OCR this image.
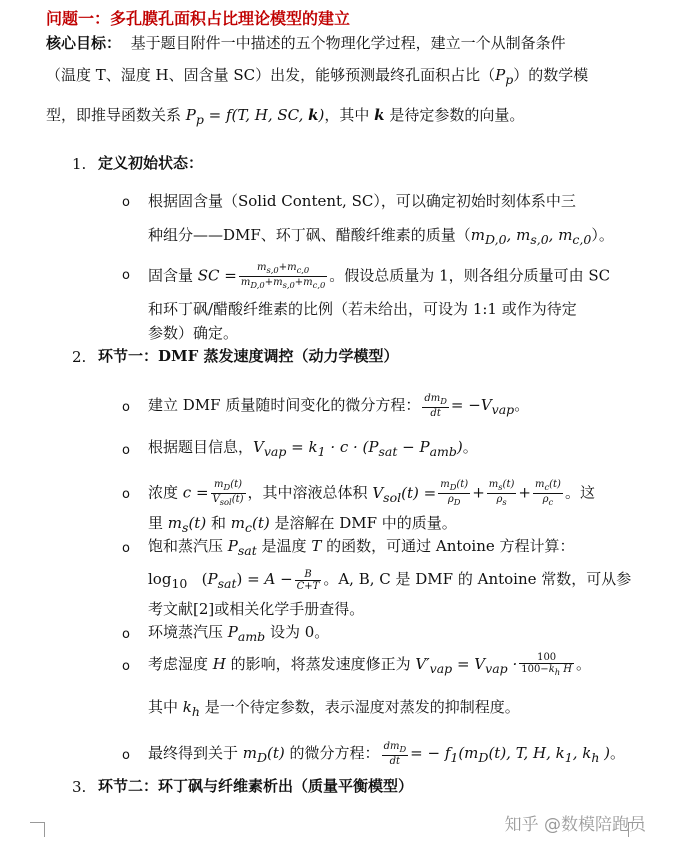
问题一：多孔膜孔面积占比理论模型的建立
核心目标： 基于题目附件一中描述的五个物理化学过程，建立一个从制备条件
（温度 T、湿度 H、固含量 SC）出发，能够预测最终孔面积占比$(P_p)$的数学模
型，即推导函数关系 $P_p = f(T$, H, SC, k)，其中 k 是待定参数的向量。
1. 定义初始状态：
o 根据固含量（Solid Content, SC），可以确定初始时刻体系中三
种组分——DMF、环丁砜、醋酸纤维素的质量（$m_{D,0}$, $m_{s,0}$, $m_{c,0}$）。
o 固含量 SC = $\frac{m_{s,0}+m_{c,0}}{m_{D,0}+m_{s,0}+m_{c,0}}$ 。假设总质量为 1，则各组分质量可由 SC
和环丁砜/醋酸纤维素的比例（若未给出，可设为 1:1 或作为待定
参数）确定。
2. 环节一：DMF 蒸发速度调控（动力学模型）
o 建立 DMF 质量随时间变化的微分方程： $\frac{dm_D}{dt} = -V_{vap}$。
o 根据题目信息，$V_{vap} = k_1 \cdot c \cdot (P_{sat} - P_{amb})$。
o 浓度 $c = \frac{m_D(t)}{V_{sol}(t)}$ ，其中溶液总体积 $V_{sol}(t) = \frac{m_D(t)}{\rho_D} + \frac{m_s(t)}{\rho_s} + \frac{m_c(t)}{\rho_c}$ 。这
里 $m_s(t)$ 和 $m_c(t)$ 是溶解在 DMF 中的质量。
o 饱和蒸汽压 $P_{sat}$ 是温度 T 的函数，可通过 Antoine 方程计算：
$\log_{10} (P_{sat}) = A - \frac{B}{C+T}$ 。A, B, C 是 DMF 的 Antoine 常数，可从参
考文献[2]或相关化学手册查得。
o 环境蒸汽压 $P_{amb}$ 设为 0。
o 考虑湿度 H 的影响，将蒸发速度修正为 $V'_{vap} = V_{vap} \cdot \frac{100}{100-k_h H}$ 。
其中 $k_h$ 是一个待定参数，表示湿度对蒸发的抑制程度。
o 最终得到关于 $m_D(t)$ 的微分方程： $\frac{dm_D}{dt}$ = − $f_1(m_D(t)$, T, H, $k_1$, $k_h$ )。
3. 环节二：环丁砜与纤维素析出（质量平衡模型）
知乎 @数模陪跑员
